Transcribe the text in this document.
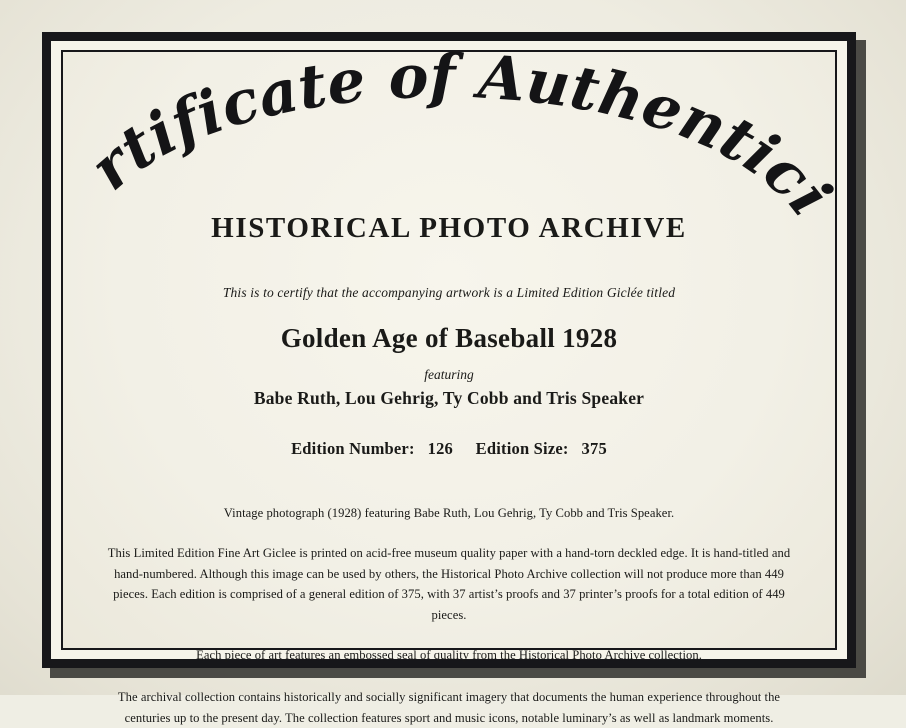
Certificate of Authenticity
HISTORICAL PHOTO ARCHIVE
This is to certify that the accompanying artwork is a Limited Edition Giclée titled
Golden Age of Baseball 1928
featuring
Babe Ruth, Lou Gehrig, Ty Cobb and Tris Speaker
Edition Number: 126 Edition Size: 375

Vintage photograph (1928) featuring Babe Ruth, Lou Gehrig, Ty Cobb and Tris Speaker.

This Limited Edition Fine Art Giclee is printed on acid-free museum quality paper with a hand-torn deckled edge. It is hand-titled and hand-numbered. Although this image can be used by others, the Historical Photo Archive collection will not produce more than 449 pieces. Each edition is comprised of a general edition of 375, with 37 artist’s proofs and 37 printer’s proofs for a total edition of 449 pieces.

Each piece of art features an embossed seal of quality from the Historical Photo Archive collection.

The archival collection contains historically and socially significant imagery that documents the human experience throughout the centuries up to the present day. The collection features sport and music icons, notable luminary’s as well as landmark moments.
